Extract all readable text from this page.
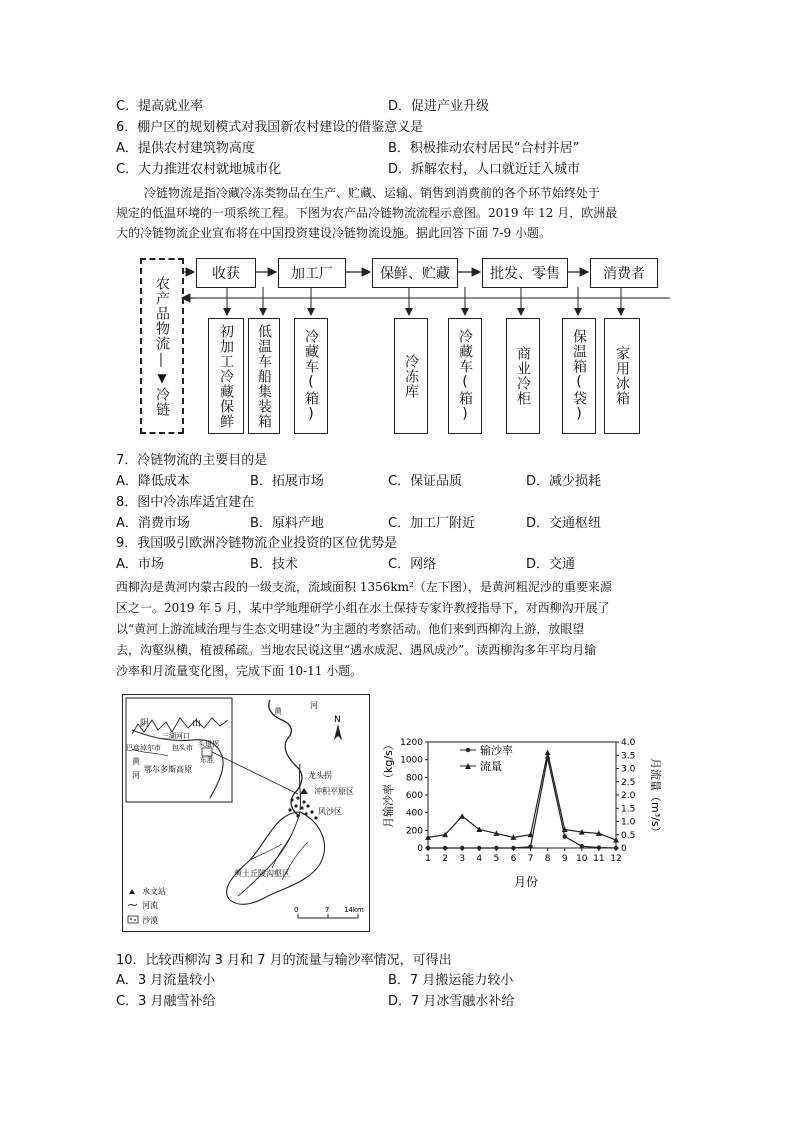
C．提高就业率	D．促进产业升级
6．棚户区的规划模式对我国新农村建设的借鉴意义是
A．提供农村建筑物高度	B．积极推动农村居民“合村并居”
C．大力推进农村就地城市化	D．拆解农村，人口就近迁入城市
冷链物流是指冷藏冷冻类物品在生产、贮藏、运输、销售到消费前的各个环节始终处于
规定的低温环境的一项系统工程。下图为农产品冷链物流流程示意图。2019 年 12 月，欧洲最
大的冷链物流企业宣布将在中国投资建设冷链物流设施。据此回答下面 7-9 小题。
农产品物流
│
▼
冷链
收获	加工厂	保鲜、贮藏	批发、零售	消费者
初加工冷藏保鲜 低温车船集装箱 冷藏车(箱)	冷冻库	冷藏车(箱)	商业冷柜	保温箱(袋) 家用冰箱
7．冷链物流的主要目的是
A．降低成本	B．拓展市场	C．保证品质	D．减少损耗
8．图中冷冻库适宜建在
A．消费市场	B．原料产地	C．加工厂附近	D．交通枢纽
9．我国吸引欧洲冷链物流企业投资的区位优势是
A．市场	B．技术	C．网络	D．交通
西柳沟是黄河内蒙古段的一级支流，流域面积 1356km²（左下图），是黄河粗泥沙的重要来源
区之一。2019 年 5 月，某中学地理研学小组在水土保持专家许教授指导下，对西柳沟开展了
以“黄河上游流域治理与生态文明建设”为主题的考察活动。他们来到西柳沟上游，放眼望
去，沟壑纵横，植被稀疏。当地农民说这里“遇水成泥、遇风成沙”。读西柳沟多年平均月输
沙率和月流量变化图，完成下面 10-11 小题。
阴	山
三湖河口
头道拐
巴彦淖尔市 包头市
东胜
黄
河
鄂尔多斯高原
黄
河
龙头拐
冲积平原区
风沙区
黄土丘陵沟壑区
N
水文站
河流
沙漠
0	7 14km
月输沙率（kg/s）	月流量（m³/s）
月份
输沙率
流量
0
200
400
600
800
1000
1200
0
0.5
1.0
1.5
2.0
2.5
3.0
3.5
4.0
1 2 3 4 5 6 7 8 9 10 11 12
10．比较西柳沟 3 月和 7 月的流量与输沙率情况，可得出
A．3 月流量较小	B．7 月搬运能力较小
C．3 月融雪补给	D．7 月冰雪融水补给
